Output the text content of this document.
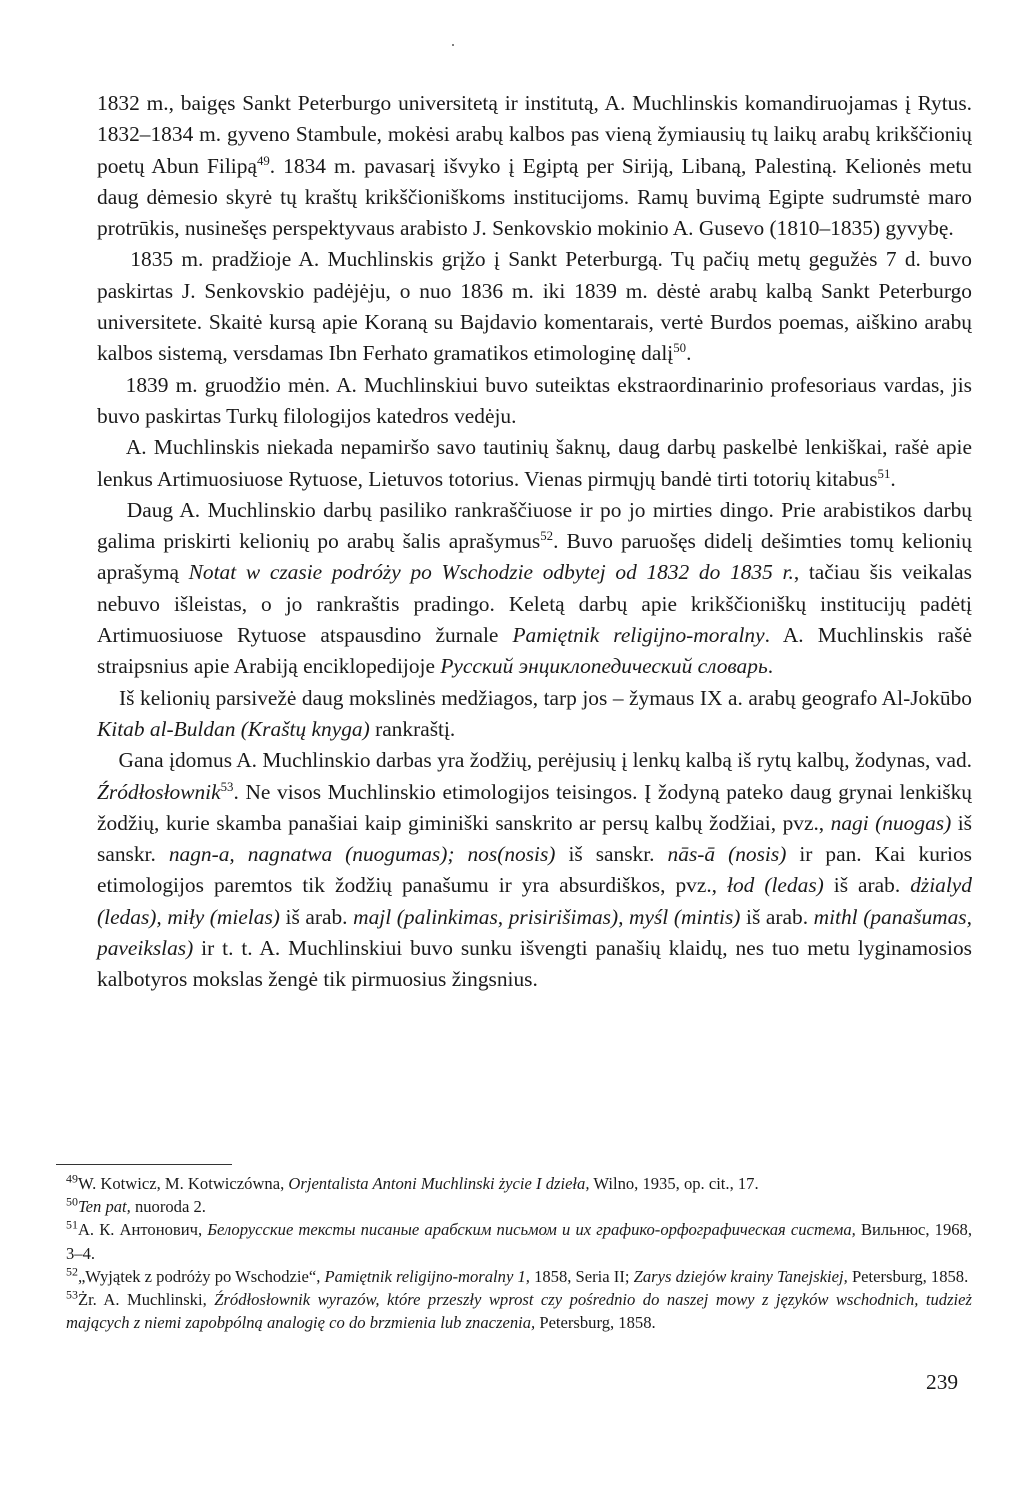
1832 m., baigęs Sankt Peterburgo universitetą ir institutą, A. Muchlinskis komandiruojamas į Rytus. 1832–1834 m. gyveno Stambule, mokėsi arabų kalbos pas vieną žymiausių tų laikų arabų krikščionių poetų Abun Filipą$^{49}$. 1834 m. pavasarį išvyko į Egiptą per Siriją, Libaną, Palestiną. Kelionės metu daug dėmesio skyrė tų kraštų krikščioniškoms institucijoms. Ramų buvimą Egipte sudrumstė maro protrūkis, nusinešęs perspektyvaus arabisto J. Senkovskio mokinio A. Gusevo (1810–1835) gyvybę.

1835 m. pradžioje A. Muchlinskis grįžo į Sankt Peterburgą. Tų pačių metų gegužės 7 d. buvo paskirtas J. Senkovskio padėjėju, o nuo 1836 m. iki 1839 m. dėstė arabų kalbą Sankt Peterburgo universitete. Skaitė kursą apie Koraną su Bajdavio komentarais, vertė Burdos poemas, aiškino arabų kalbos sistemą, versdamas Ibn Ferhato gramatikos etimologinę dalį$^{50}$.

1839 m. gruodžio mėn. A. Muchlinskiui buvo suteiktas ekstraordinarinio profesoriaus vardas, jis buvo paskirtas Turkų filologijos katedros vedėju.

A. Muchlinskis niekada nepamiršo savo tautinių šaknų, daug darbų paskelbė lenkiškai, rašė apie lenkus Artimuosiuose Rytuose, Lietuvos totorius. Vienas pirmųjų bandė tirti totorių kitabus$^{51}$.

Daug A. Muchlinskio darbų pasiliko rankraščiuose ir po jo mirties dingo. Prie arabistikos darbų galima priskirti kelionių po arabų šalis aprašymus$^{52}$. Buvo paruošęs didelį dešimties tomų kelionių aprašymą Notat w czasie podróży po Wschodzie odbytej od 1832 do 1835 r., tačiau šis veikalas nebuvo išleistas, o jo rankraštis pradingo. Keletą darbų apie krikščioniškų institucijų padėtį Artimuosiuose Rytuose atspausdino žurnale Pamiętnik religijno-moralny. A. Muchlinskis rašė straipsnius apie Arabiją enciklopedijoje Русский энциклопедический словарь.

Iš kelionių parsivežė daug mokslinės medžiagos, tarp jos – žymaus IX a. arabų geografo Al-Jokūbo Kitab al-Buldan (Kraštų knyga) rankraštį.

Gana įdomus A. Muchlinskio darbas yra žodžių, perėjusių į lenkų kalbą iš rytų kalbų, žodynas, vad. Źródłosłownik$^{53}$. Ne visos Muchlinskio etimologijos teisingos. Į žodyną pateko daug grynai lenkiškų žodžių, kurie skamba panašiai kaip giminiški sanskrito ar persų kalbų žodžiai, pvz., nagi (nuogas) iš sanskr. nagn-a, nagnatwa (nuogumas); nos(nosis) iš sanskr. nās-ā (nosis) ir pan. Kai kurios etimologijos paremtos tik žodžių panašumu ir yra absurdiškos, pvz., łod (ledas) iš arab. dżialyd (ledas), miły (mielas) iš arab. majl (palinkimas, prisirišimas), myśl (mintis) iš arab. mithl (panašumas, paveikslas) ir t. t. A. Muchlinskiui buvo sunku išvengti panašių klaidų, nes tuo metu lyginamosios kalbotyros mokslas žengė tik pirmuosius žingsnius.

$^{49}$W. Kotwicz, M. Kotwiczówna, Orjentalista Antoni Muchlinski życie I dzieła, Wilno, 1935, op. cit., 17.

$^{50}$Ten pat, nuoroda 2.

$^{51}$А. К. Антонович, Белорусские тексты писаные арабским письмом и их графико-орфографическая система, Вильнюс, 1968, 3–4.

$^{52}$„Wyjątek z podróży po Wschodzie“, Pamiętnik religijno-moralny 1, 1858, Seria II; Zarys dziejów krainy Tanejskiej, Petersburg, 1858.

$^{53}$Żr. A. Muchlinski, Źródłosłownik wyrazów, które przeszły wprost czy pośrednio do naszej mowy z języków wschodnich, tudzież mających z niemi zapobpólną analogię co do brzmienia lub znaczenia, Petersburg, 1858.

239
